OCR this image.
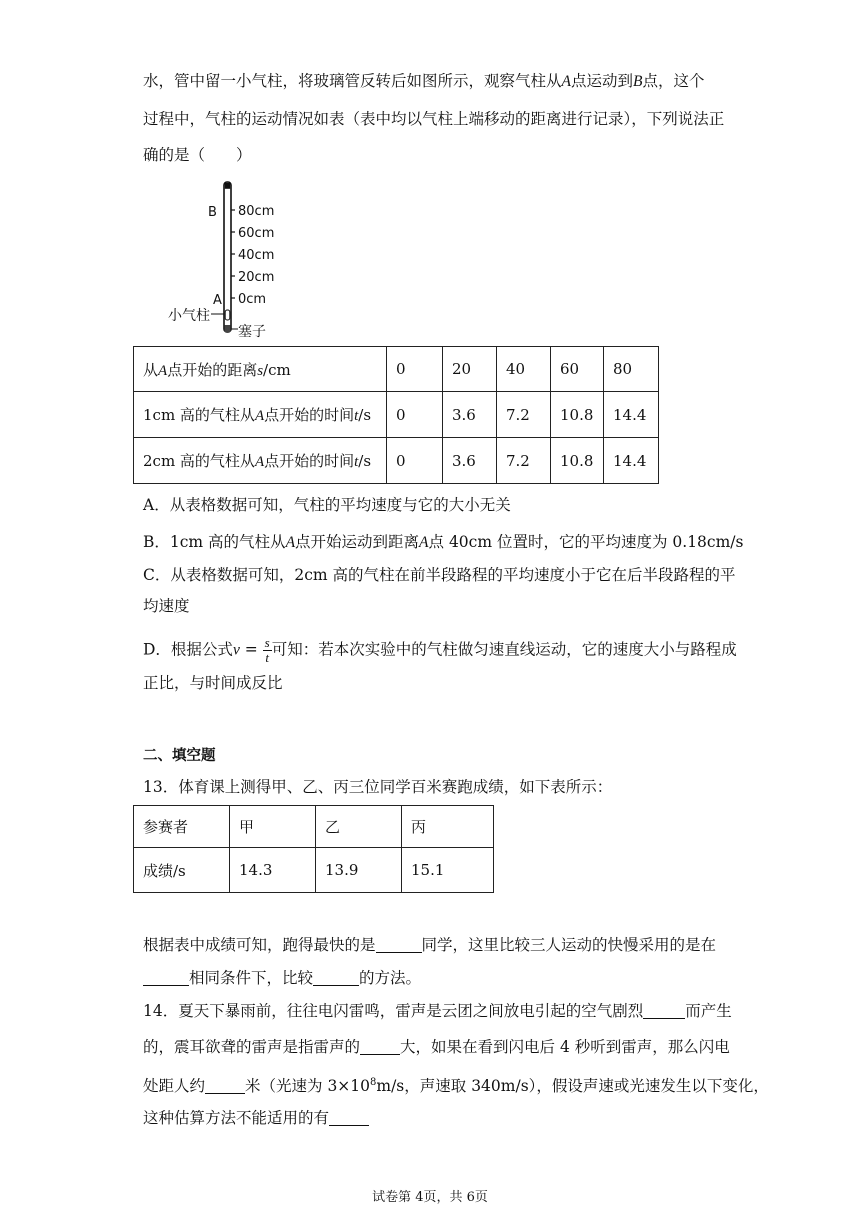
水，管中留一小气柱，将玻璃管反转后如图所示，观察气柱从A点运动到B点，这个
过程中，气柱的运动情况如表（表中均以气柱上端移动的距离进行记录），下列说法正
确的是（　　）
80cm
60cm
40cm
20cm
0cm
B
A
小气柱
塞子
从A点开始的距离s/cm	0	20	40	60	80
1cm 高的气柱从A点开始的时间t/s	0	3.6	7.2	10.8	14.4
2cm 高的气柱从A点开始的时间t/s	0	3.6	7.2	10.8	14.4
A．从表格数据可知，气柱的平均速度与它的大小无关
B．1cm 高的气柱从A点开始运动到距离A点 40cm 位置时，它的平均速度为 0.18cm/s
C．从表格数据可知，2cm 高的气柱在前半段路程的平均速度小于它在后半段路程的平
均速度
D．根据公式$v = \frac{s}{t}$ 可知：若本次实验中的气柱做匀速直线运动，它的速度大小与路程成
正比，与时间成反比
二、填空题
13．体育课上测得甲、乙、丙三位同学百米赛跑成绩，如下表所示：
参赛者	甲	乙	丙
成绩/s	14.3	13.9	15.1
根据表中成绩可知，跑得最快的是	同学，这里比较三人运动的快慢采用的是在
相同条件下，比较	的方法。
14．夏天下暴雨前，往往电闪雷鸣，雷声是云团之间放电引起的空气剧烈	而产生
的，震耳欲聋的雷声是指雷声的	大，如果在看到闪电后 4 秒听到雷声，那么闪电
处距人约	米（光速为 $3\times 10^8m/s$，声速取 340m/s），假设声速或光速发生以下变化，
这种估算方法不能适用的有
试卷第 4页，共 6页
